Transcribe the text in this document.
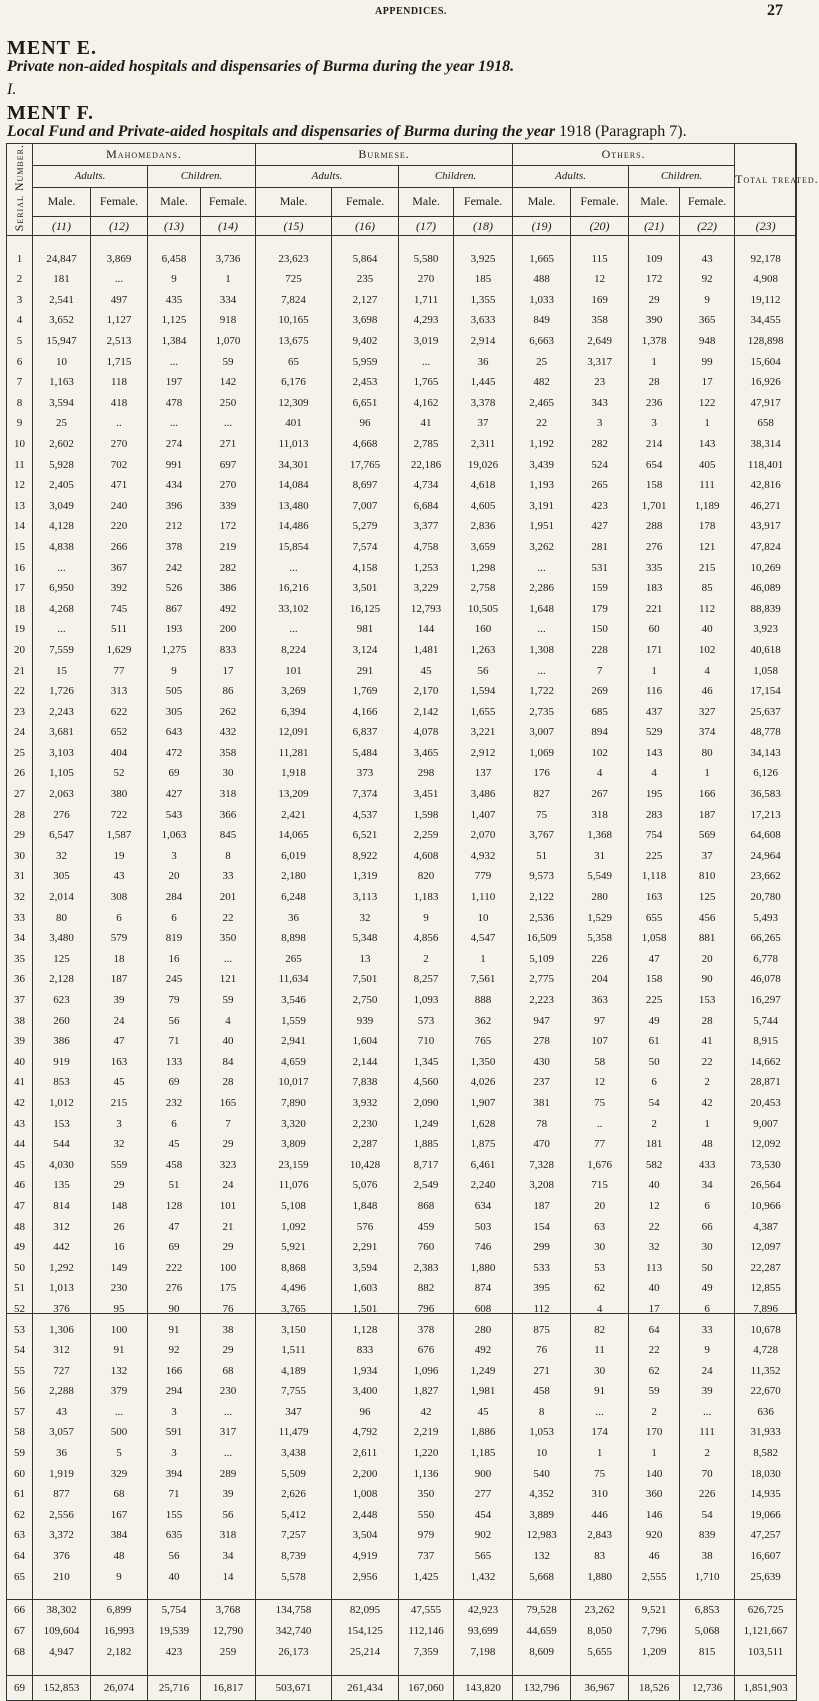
APPENDICES.	27
MENT E.
Private non-aided hospitals and dispensaries of Burma during the year 1918.
I.
MENT F.
Local Fund and Private-aided hospitals and dispensaries of Burma during the year 1918 (Paragraph 7).
Serial Number.	Mahomedans.				Burmese.				Others.				Total treated.
	Adults.		Children.		Adults.		Children.		Adults.		Children.		
	Male.	Female.	Male.	Female.	Male.	Female.	Male.	Female.	Male.	Female.	Male.	Female.	
	(11)	(12)	(13)	(14)	(15)	(16)	(17)	(18)	(19)	(20)	(21)	(22)	(23)

1	24,847	3,869	6,458	3,736	23,623	5,864	5,580	3,925	1,665	115	109	43	92,178
2	181	...	9	1	725	235	270	185	488	12	172	92	4,908
3	2,541	497	435	334	7,824	2,127	1,711	1,355	1,033	169	29	9	19,112
4	3,652	1,127	1,125	918	10,165	3,698	4,293	3,633	849	358	390	365	34,455
5	15,947	2,513	1,384	1,070	13,675	9,402	3,019	2,914	6,663	2,649	1,378	948	128,898
6	10	1,715	...	59	65	5,959	...	36	25	3,317	1	99	15,604
7	1,163	118	197	142	6,176	2,453	1,765	1,445	482	23	28	17	16,926
8	3,594	418	478	250	12,309	6,651	4,162	3,378	2,465	343	236	122	47,917
9	25	..	...	...	401	96	41	37	22	3	3	1	658
10	2,602	270	274	271	11,013	4,668	2,785	2,311	1,192	282	214	143	38,314
11	5,928	702	991	697	34,301	17,765	22,186	19,026	3,439	524	654	405	118,401
12	2,405	471	434	270	14,084	8,697	4,734	4,618	1,193	265	158	111	42,816
13	3,049	240	396	339	13,480	7,007	6,684	4,605	3,191	423	1,701	1,189	46,271
14	4,128	220	212	172	14,486	5,279	3,377	2,836	1,951	427	288	178	43,917
15	4,838	266	378	219	15,854	7,574	4,758	3,659	3,262	281	276	121	47,824
16	...	367	242	282	...	4,158	1,253	1,298	...	531	335	215	10,269
17	6,950	392	526	386	16,216	3,501	3,229	2,758	2,286	159	183	85	46,089
18	4,268	745	867	492	33,102	16,125	12,793	10,505	1,648	179	221	112	88,839
19	...	511	193	200	...	981	144	160	...	150	60	40	3,923
20	7,559	1,629	1,275	833	8,224	3,124	1,481	1,263	1,308	228	171	102	40,618
21	15	77	9	17	101	291	45	56	...	7	1	4	1,058
22	1,726	313	505	86	3,269	1,769	2,170	1,594	1,722	269	116	46	17,154
23	2,243	622	305	262	6,394	4,166	2,142	1,655	2,735	685	437	327	25,637
24	3,681	652	643	432	12,091	6,837	4,078	3,221	3,007	894	529	374	48,778
25	3,103	404	472	358	11,281	5,484	3,465	2,912	1,069	102	143	80	34,143
26	1,105	52	69	30	1,918	373	298	137	176	4	4	1	6,126
27	2,063	380	427	318	13,209	7,374	3,451	3,486	827	267	195	166	36,583
28	276	722	543	366	2,421	4,537	1,598	1,407	75	318	283	187	17,213
29	6,547	1,587	1,063	845	14,065	6,521	2,259	2,070	3,767	1,368	754	569	64,608
30	32	19	3	8	6,019	8,922	4,608	4,932	51	31	225	37	24,964
31	305	43	20	33	2,180	1,319	820	779	9,573	5,549	1,118	810	23,662
32	2,014	308	284	201	6,248	3,113	1,183	1,110	2,122	280	163	125	20,780
33	80	6	6	22	36	32	9	10	2,536	1,529	655	456	5,493
34	3,480	579	819	350	8,898	5,348	4,856	4,547	16,509	5,358	1,058	881	66,265
35	125	18	16	...	265	13	2	1	5,109	226	47	20	6,778
36	2,128	187	245	121	11,634	7,501	8,257	7,561	2,775	204	158	90	46,078
37	623	39	79	59	3,546	2,750	1,093	888	2,223	363	225	153	16,297
38	260	24	56	4	1,559	939	573	362	947	97	49	28	5,744
39	386	47	71	40	2,941	1,604	710	765	278	107	61	41	8,915
40	919	163	133	84	4,659	2,144	1,345	1,350	430	58	50	22	14,662
41	853	45	69	28	10,017	7,838	4,560	4,026	237	12	6	2	28,871
42	1,012	215	232	165	7,890	3,932	2,090	1,907	381	75	54	42	20,453
43	153	3	6	7	3,320	2,230	1,249	1,628	78	..	2	1	9,007
44	544	32	45	29	3,809	2,287	1,885	1,875	470	77	181	48	12,092
45	4,030	559	458	323	23,159	10,428	8,717	6,461	7,328	1,676	582	433	73,530
46	135	29	51	24	11,076	5,076	2,549	2,240	3,208	715	40	34	26,564
47	814	148	128	101	5,108	1,848	868	634	187	20	12	6	10,966
48	312	26	47	21	1,092	576	459	503	154	63	22	66	4,387
49	442	16	69	29	5,921	2,291	760	746	299	30	32	30	12,097
50	1,292	149	222	100	8,868	3,594	2,383	1,880	533	53	113	50	22,287
51	1,013	230	276	175	4,496	1,603	882	874	395	62	40	49	12,855
52	376	95	90	76	3,765	1,501	796	608	112	4	17	6	7,896
53	1,306	100	91	38	3,150	1,128	378	280	875	82	64	33	10,678
54	312	91	92	29	1,511	833	676	492	76	11	22	9	4,728
55	727	132	166	68	4,189	1,934	1,096	1,249	271	30	62	24	11,352
56	2,288	379	294	230	7,755	3,400	1,827	1,981	458	91	59	39	22,670
57	43	...	3	...	347	96	42	45	8	...	2	...	636
58	3,057	500	591	317	11,479	4,792	2,219	1,886	1,053	174	170	111	31,933
59	36	5	3	...	3,438	2,611	1,220	1,185	10	1	1	2	8,582
60	1,919	329	394	289	5,509	2,200	1,136	900	540	75	140	70	18,030
61	877	68	71	39	2,626	1,008	350	277	4,352	310	360	226	14,935
62	2,556	167	155	56	5,412	2,448	550	454	3,889	446	146	54	19,066
63	3,372	384	635	318	7,257	3,504	979	902	12,983	2,843	920	839	47,257
64	376	48	56	34	8,739	4,919	737	565	132	83	46	38	16,607
65	210	9	40	14	5,578	2,956	1,425	1,432	5,668	1,880	2,555	1,710	25,639

66	38,302	6,899	5,754	3,768	134,758	82,095	47,555	42,923	79,528	23,262	9,521	6,853	626,725
67	109,604	16,993	19,539	12,790	342,740	154,125	112,146	93,699	44,659	8,050	7,796	5,068	1,121,667
68	4,947	2,182	423	259	26,173	25,214	7,359	7,198	8,609	5,655	1,209	815	103,511

69	152,853	26,074	25,716	16,817	503,671	261,434	167,060	143,820	132,796	36,967	18,526	12,736	1,851,903
